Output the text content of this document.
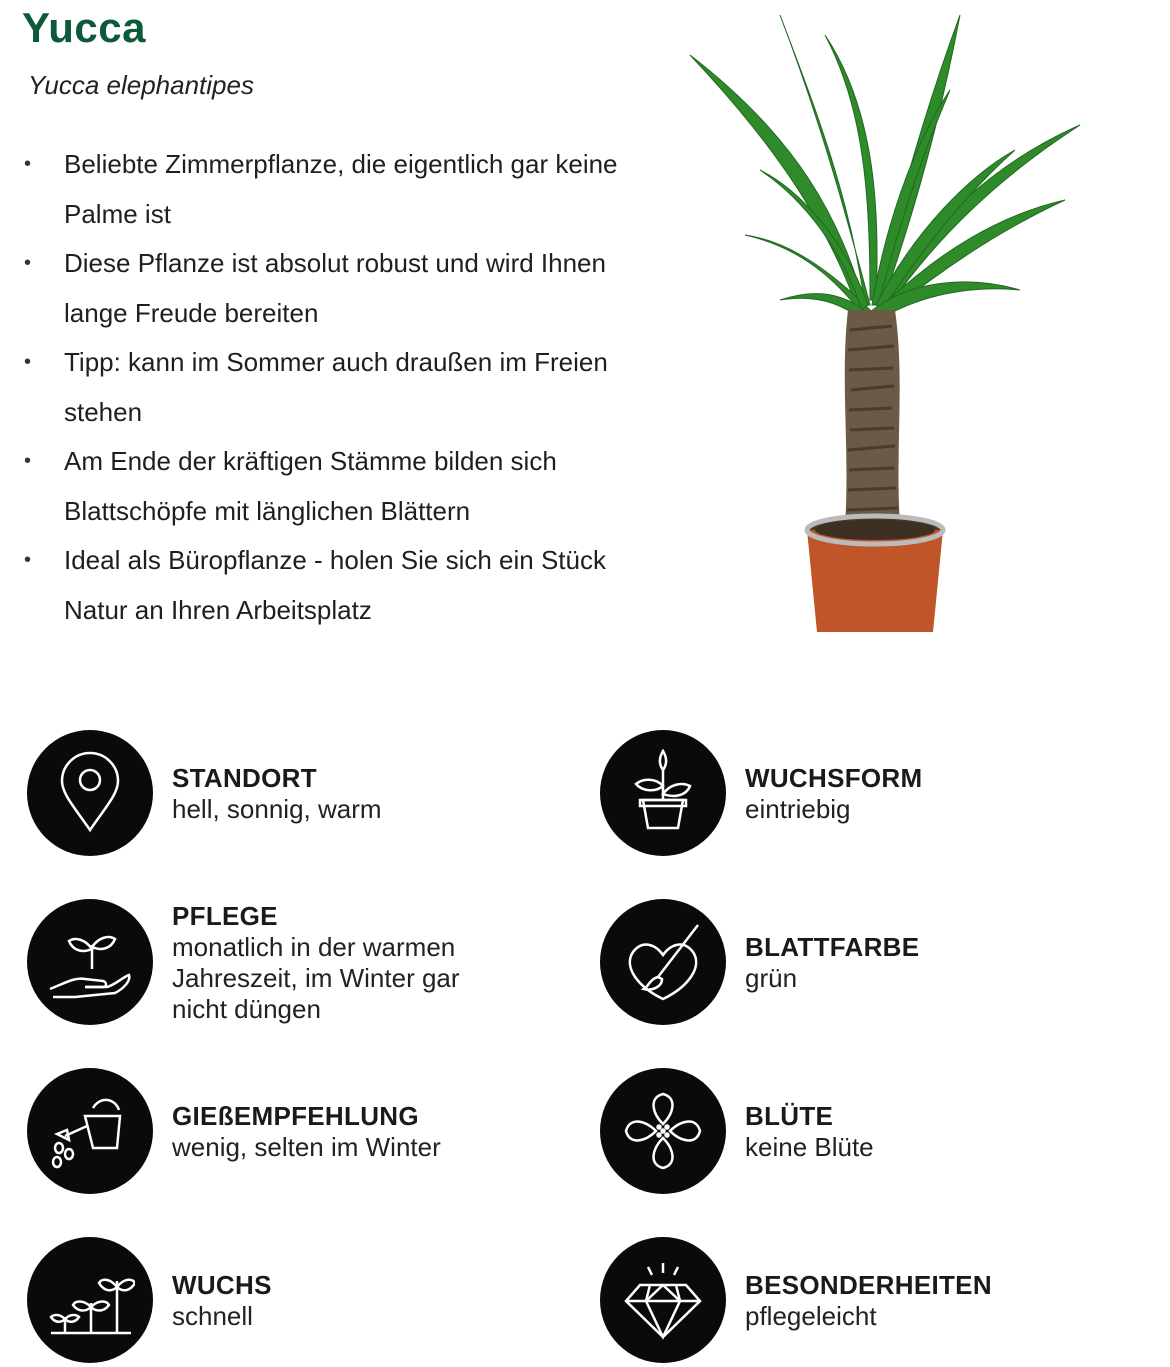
Yucca
Yucca elephantipes
• Beliebte Zimmerpflanze, die eigentlich gar keine Palme ist
• Diese Pflanze ist absolut robust und wird Ihnen lange Freude bereiten
• Tipp: kann im Sommer auch draußen im Freien stehen
• Am Ende der kräftigen Stämme bilden sich Blattschöpfe mit länglichen Blättern
• Ideal als Büropflanze - holen Sie sich ein Stück Natur an Ihren Arbeitsplatz
STANDORT
hell, sonnig, warm
WUCHSFORM
eintriebig
PFLEGE
monatlich in der warmen
Jahreszeit, im Winter gar
nicht düngen
BLATTFARBE
grün
GIEßEMPFEHLUNG
wenig, selten im Winter
BLÜTE
keine Blüte
WUCHS
schnell
BESONDERHEITEN
pflegeleicht
